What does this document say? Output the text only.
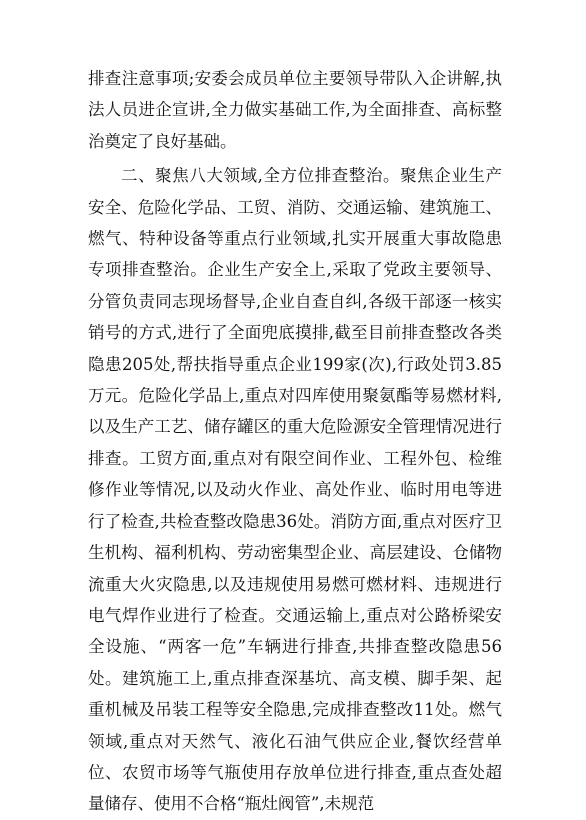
排查注意事项;安委会成员单位主要领导带队入企讲解,执法人员进企宣讲,全力做实基础工作,为全面排查、高标整治奠定了良好基础。

二、聚焦八大领域,全方位排查整治。聚焦企业生产安全、危险化学品、工贸、消防、交通运输、建筑施工、燃气、特种设备等重点行业领域,扎实开展重大事故隐患专项排查整治。企业生产安全上,采取了党政主要领导、分管负责同志现场督导,企业自查自纠,各级干部逐一核实销号的方式,进行了全面兜底摸排,截至目前排查整改各类隐患205处,帮扶指导重点企业199家(次),行政处罚3.85万元。危险化学品上,重点对四库使用聚氨酯等易燃材料,以及生产工艺、储存罐区的重大危险源安全管理情况进行排查。工贸方面,重点对有限空间作业、工程外包、检维修作业等情况,以及动火作业、高处作业、临时用电等进行了检查,共检查整改隐患36处。消防方面,重点对医疗卫生机构、福利机构、劳动密集型企业、高层建设、仓储物流重大火灾隐患,以及违规使用易燃可燃材料、违规进行电气焊作业进行了检查。交通运输上,重点对公路桥梁安全设施、“两客一危”车辆进行排查,共排查整改隐患56处。建筑施工上,重点排查深基坑、高支模、脚手架、起重机械及吊装工程等安全隐患,完成排查整改11处。燃气领域,重点对天然气、液化石油气供应企业,餐饮经营单位、农贸市场等气瓶使用存放单位进行排查,重点查处超量储存、使用不合格“瓶灶阀管”,未规范
